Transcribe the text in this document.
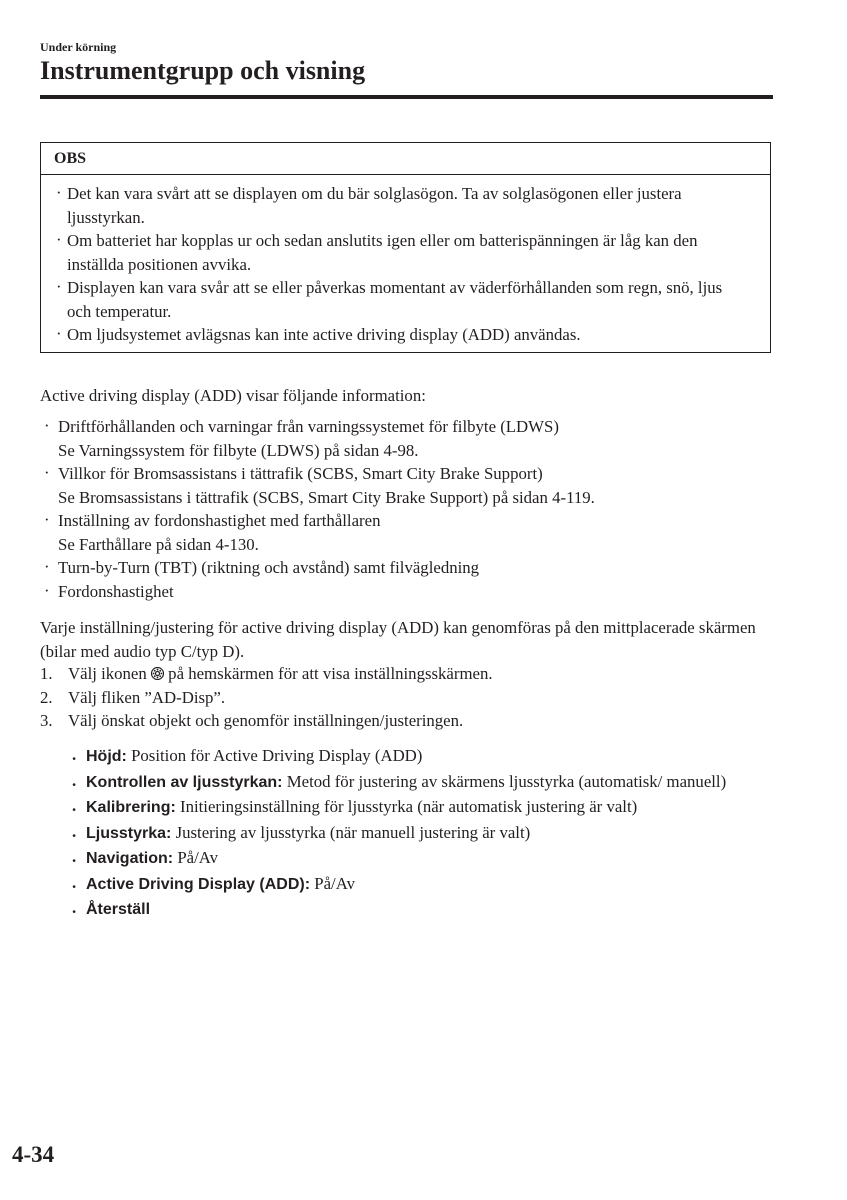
Under körning
Instrumentgrupp och visning
OBS
· Det kan vara svårt att se displayen om du bär solglasögon. Ta av solglasögonen eller justera ljusstyrkan.
· Om batteriet har kopplas ur och sedan anslutits igen eller om batterispänningen är låg kan den inställda positionen avvika.
· Displayen kan vara svår att se eller påverkas momentant av väderförhållanden som regn, snö, ljus och temperatur.
· Om ljudsystemet avlägsnas kan inte active driving display (ADD) användas.
Active driving display (ADD) visar följande information:
· Driftförhållanden och varningar från varningssystemet för filbyte (LDWS)
Se Varningssystem för filbyte (LDWS) på sidan 4-98.
· Villkor för Bromsassistans i tättrafik (SCBS, Smart City Brake Support)
Se Bromsassistans i tättrafik (SCBS, Smart City Brake Support) på sidan 4-119.
· Inställning av fordonshastighet med farthållaren
Se Farthållare på sidan 4-130.
· Turn-by-Turn (TBT) (riktning och avstånd) samt filvägledning
· Fordonshastighet
Varje inställning/justering för active driving display (ADD) kan genomföras på den mittplacerade skärmen (bilar med audio typ C/typ D).
1. Välj ikonen på hemskärmen för att visa inställningsskärmen.
2. Välj fliken ”AD-Disp”.
3. Välj önskat objekt och genomför inställningen/justeringen.
. Höjd: Position för Active Driving Display (ADD)
. Kontrollen av ljusstyrkan: Metod för justering av skärmens ljusstyrka (automatisk/ manuell)
. Kalibrering: Initieringsinställning för ljusstyrka (när automatisk justering är valt)
. Ljusstyrka: Justering av ljusstyrka (när manuell justering är valt)
. Navigation: På/Av
. Active Driving Display (ADD): På/Av
. Återställ
4-34
